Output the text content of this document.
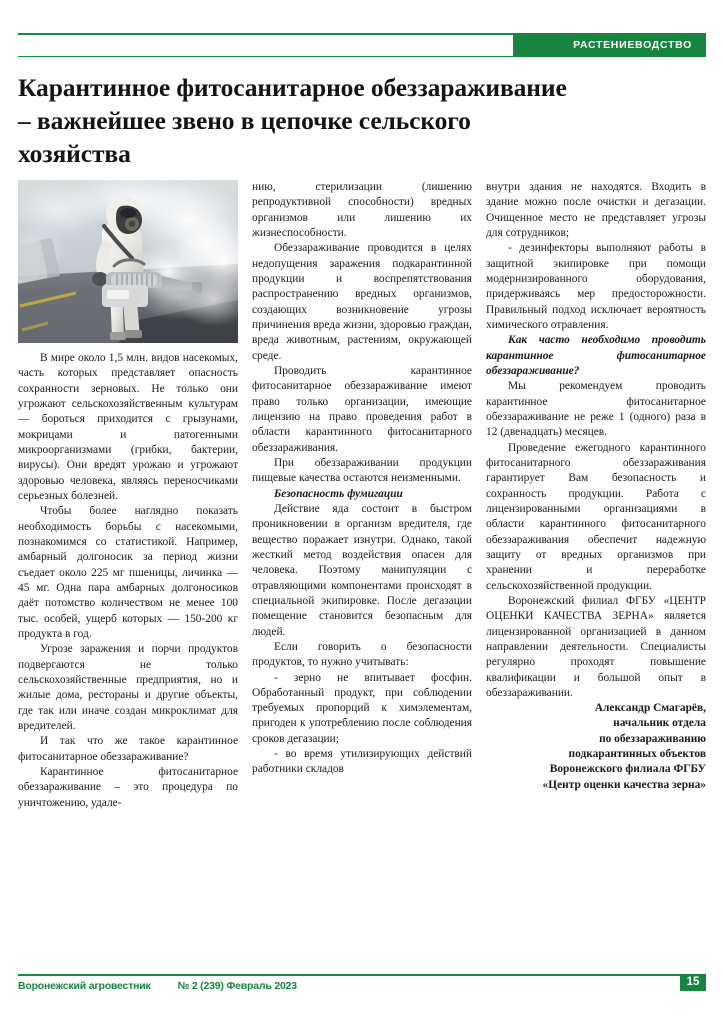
РАСТЕНИЕВОДСТВО
Карантинное фитосанитарное обеззараживание – важнейшее звено в цепочке сельского хозяйства

В мире около 1,5 млн. видов насекомых, часть которых представляет опасность сохранности зерновых. Не только они угрожают сельскохозяйственным культурам — бороться приходится с грызунами, мокрицами и патогенными микроорганизмами (грибки, бактерии, вирусы). Они вредят урожаю и угрожают здоровью человека, являясь переносчиками серьезных болезней.

Чтобы более наглядно показать необходимость борьбы с насекомыми, познакомимся со статистикой. Например, амбарный долгоносик за период жизни съедает около 225 мг пшеницы, личинка — 45 мг. Одна пара амбарных долгоносиков даёт потомство количеством не менее 100 тыс. особей, ущерб которых — 150-200 кг продукта в год.

Угрозе заражения и порчи продуктов подвергаются не только сельскохозяйственные предприятия, но и жилые дома, рестораны и другие объекты, где так или иначе создан микроклимат для вредителей.

И так что же такое карантинное фитосанитарное обеззараживание?

Карантинное фитосанитарное обеззараживание – это процедура по уничтожению, удале-

нию, стерилизации (лишению репродуктивной способности) вредных организмов или лишению их жизнеспособности.

Обеззараживание проводится в целях недопущения заражения подкарантинной продукции и воспрепятствования распространению вредных организмов, создающих возникновение угрозы причинения вреда жизни, здоровью граждан, вреда животным, растениям, окружающей среде.

Проводить карантинное фитосанитарное обеззараживание имеют право только организации, имеющие лицензию на право проведения работ в области карантинного фитосанитарного обеззараживания.

При обеззараживании продукции пищевые качества остаются неизменными.

Безопасность фумигации

Действие яда состоит в быстром проникновении в организм вредителя, где вещество поражает изнутри. Однако, такой жесткий метод воздействия опасен для человека. Поэтому манипуляции с отравляющими компонентами происходят в специальной экипировке. После дегазации помещение становится безопасным для людей.

Если говорить о безопасности продуктов, то нужно учитывать:

- зерно не впитывает фосфин. Обработанный продукт, при соблюдении требуемых пропорций к химэлементам, пригоден к употреблению после соблюдения сроков дегазации;

- во время утилизирующих действий работники складов

внутри здания не находятся. Входить в здание можно после очистки и дегазации. Очищенное место не представляет угрозы для сотрудников;

- дезинфекторы выполняют работы в защитной экипировке при помощи модернизированного оборудования, придерживаясь мер предосторожности. Правильный подход исключает вероятность химического отравления.

Как часто необходимо проводить карантинное фитосанитарное обеззараживание?

Мы рекомендуем проводить карантинное фитосанитарное обеззараживание не реже 1 (одного) раза в 12 (двенадцать) месяцев.

Проведение ежегодного карантинного фитосанитарного обеззараживания гарантирует Вам безопасность и сохранность продукции. Работа с лицензированными организациями в области карантинного фитосанитарного обеззараживания обеспечит надежную защиту от вредных организмов при хранении и переработке сельскохозяйственной продукции.

Воронежский филиал ФГБУ «ЦЕНТР ОЦЕНКИ КАЧЕСТВА ЗЕРНА» является лицензированной организацией в данном направлении деятельности. Специалисты регулярно проходят повышение квалификации и большой опыт в обеззараживании.

Александр Смагарёв,

начальник отдела

по обеззараживанию

подкарантинных объектов

Воронежского филиала ФГБУ

«Центр оценки качества зерна»

Воронежский агровестник	№ 2 (239) Февраль 2023	15
